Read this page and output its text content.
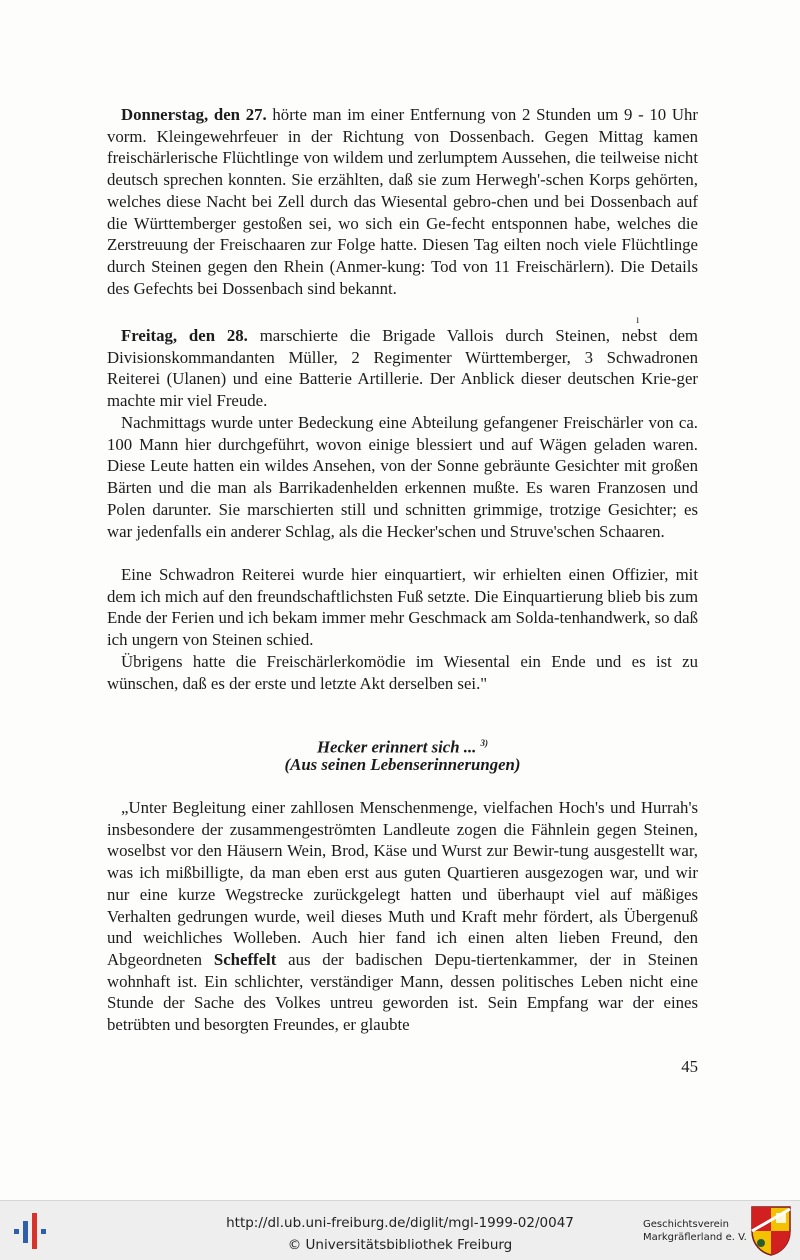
Donnerstag, den 27. hörte man im einer Entfernung von 2 Stunden um 9 - 10 Uhr vorm. Kleingewehrfeuer in der Richtung von Dossenbach. Gegen Mittag kamen freischärlerische Flüchtlinge von wildem und zerlumptem Aussehen, die teilweise nicht deutsch sprechen konnten. Sie erzählten, daß sie zum Herwegh'-schen Korps gehörten, welches diese Nacht bei Zell durch das Wiesental gebro-chen und bei Dossenbach auf die Württemberger gestoßen sei, wo sich ein Ge-fecht entsponnen habe, welches die Zerstreuung der Freischaaren zur Folge hatte. Diesen Tag eilten noch viele Flüchtlinge durch Steinen gegen den Rhein (Anmer-kung: Tod von 11 Freischärlern). Die Details des Gefechts bei Dossenbach sind bekannt.

ı

Freitag, den 28. marschierte die Brigade Vallois durch Steinen, nebst dem Divisionskommandanten Müller, 2 Regimenter Württemberger, 3 Schwadronen Reiterei (Ulanen) und eine Batterie Artillerie. Der Anblick dieser deutschen Krie-ger machte mir viel Freude.

Nachmittags wurde unter Bedeckung eine Abteilung gefangener Freischärler von ca. 100 Mann hier durchgeführt, wovon einige blessiert und auf Wägen geladen waren. Diese Leute hatten ein wildes Ansehen, von der Sonne gebräunte Gesichter mit großen Bärten und die man als Barrikadenhelden erkennen mußte. Es waren Franzosen und Polen darunter. Sie marschierten still und schnitten grimmige, trotzige Gesichter; es war jedenfalls ein anderer Schlag, als die Hecker'schen und Struve'schen Schaaren.

Eine Schwadron Reiterei wurde hier einquartiert, wir erhielten einen Offizier, mit dem ich mich auf den freundschaftlichsten Fuß setzte. Die Einquartierung blieb bis zum Ende der Ferien und ich bekam immer mehr Geschmack am Solda-tenhandwerk, so daß ich ungern von Steinen schied.

Übrigens hatte die Freischärlerkomödie im Wiesental ein Ende und es ist zu wünschen, daß es der erste und letzte Akt derselben sei."

Hecker erinnert sich ... $^{3)}$

(Aus seinen Lebenserinnerungen)

„Unter Begleitung einer zahllosen Menschenmenge, vielfachen Hoch's und Hurrah's insbesondere der zusammengeströmten Landleute zogen die Fähnlein gegen Steinen, woselbst vor den Häusern Wein, Brod, Käse und Wurst zur Bewir-tung ausgestellt war, was ich mißbilligte, da man eben erst aus guten Quartieren ausgezogen war, und wir nur eine kurze Wegstrecke zurückgelegt hatten und überhaupt viel auf mäßiges Verhalten gedrungen wurde, weil dieses Muth und Kraft mehr fördert, als Übergenuß und weichliches Wolleben. Auch hier fand ich einen alten lieben Freund, den Abgeordneten Scheffelt aus der badischen Depu-tiertenkammer, der in Steinen wohnhaft ist. Ein schlichter, verständiger Mann, dessen politisches Leben nicht eine Stunde der Sache des Volkes untreu geworden ist. Sein Empfang war der eines betrübten und besorgten Freundes, er glaubte

45
http://dl.ub.uni-freiburg.de/diglit/mgl-1999-02/0047
© Universitätsbibliothek Freiburg
Geschichtsverein
Markgräflerland e. V.
